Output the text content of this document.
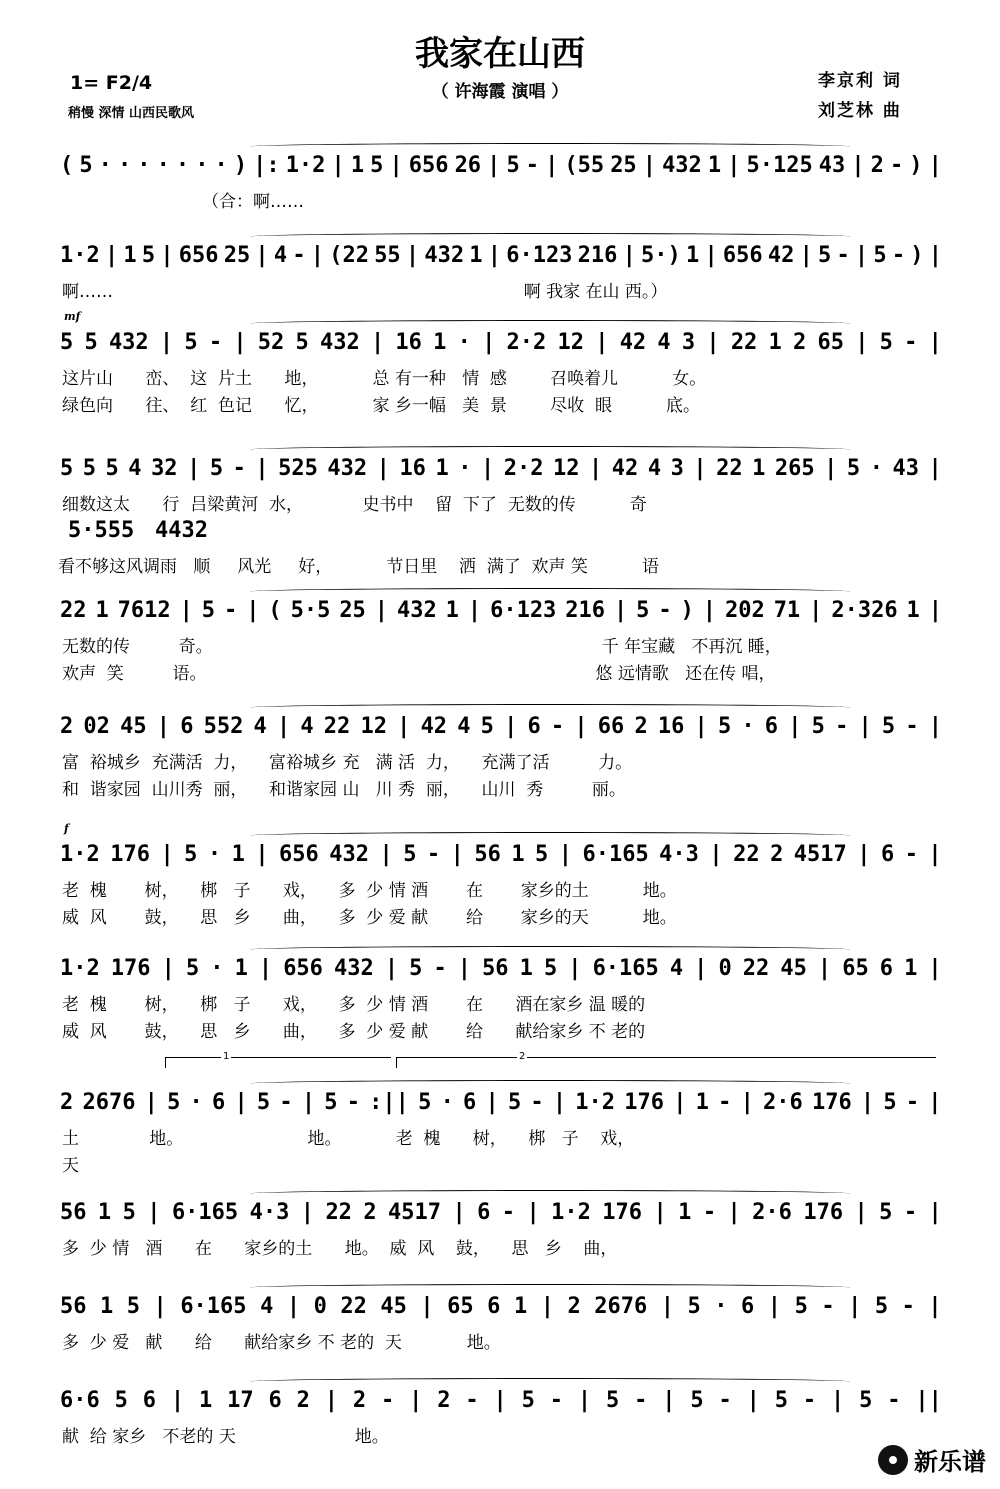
我家在山西
（ 许海霞 演唱 ）
1= F2/4
稍慢 深情 山西民歌风
李京利 词
刘芝林 曲
( 5 · · · · · · · ) |: 1·2 | 1 5 | 656 26 | 5 - | (55 25 | 432 1 | 5·125 43 | 2 - ) |
（合：啊……
1·2 | 1 5 | 656 25 | 4 - | (22 55 | 432 1 | 6·123 216 | 5·) 1 | 656 42 | 5 - | 5 - ) |
啊……                                                                            啊 我家 在山 西。）
5 5 432 | 5 - | 52 5 432 | 16 1 · | 2·2 12 | 42 4 3 | 22 1 2 65 | 5 - |
mf
这片山      峦、  这  片土      地，          总 有一种   情  感        召唤着儿          女。
绿色向      往、  红  色记      忆，          家 乡一幅   美  景        尽收  眼          底。
5 5 5 4 32 | 5 - | 525 432 | 16 1 · | 2·2 12 | 42 4 3 | 22 1 265 | 5 · 43 |
细数这太      行  吕梁黄河  水，           史书中    留  下了  无数的传          奇
5·555 4432
看不够这风调雨   顺     风光     好，          节日里    洒  满了  欢声 笑          语
22 1 7612 | 5 - | ( 5·5 25 | 432 1 | 6·123 216 | 5 - ) | 202 71 | 2·326 1 |
无数的传         奇。                                                                        千 年宝藏   不再沉 睡，
欢声  笑         语。                                                                        悠 远情歌   还在传 唱，
2 02 45 | 6 552 4 | 4 22 12 | 42 4 5 | 6 - | 66 2 16 | 5 · 6 | 5 - | 5 - |
富  裕城乡  充满活  力，    富裕城乡 充   满 活  力，    充满了活         力。
和  谐家园  山川秀  丽，    和谐家园 山   川 秀  丽，    山川  秀         丽。
1·2 176 | 5 · 1 | 656 432 | 5 - | 56 1 5 | 6·165 4·3 | 22 2 4517 | 6 - |
f
老  槐       树，    梆   子      戏，    多  少 情 酒       在       家乡的土          地。
威  风       鼓，    思   乡      曲，    多  少 爱 献       给       家乡的天          地。
1·2 176 | 5 · 1 | 656 432 | 5 - | 56 1 5 | 6·165 4 | 0 22 45 | 65 6 1 |
老  槐       树，    梆   子      戏，    多  少 情 酒       在      酒在家乡 温 暖的
威  风       鼓，    思   乡      曲，    多  少 爱 献       给      献给家乡 不 老的
2 2676 | 5 · 6 | 5 - | 5 - :|| 5 · 6 | 5 - | 1·2 176 | 1 - | 2·6 176 | 5 - |
土             地。                       地。          老  槐      树，    梆   子    戏，
天
56 1 5 | 6·165 4·3 | 22 2 4517 | 6 - | 1·2 176 | 1 - | 2·6 176 | 5 - |
多  少 情   酒      在      家乡的土      地。  威  风    鼓，    思   乡    曲，
56 1 5 | 6·165 4 | 0 22 45 | 65 6 1 | 2 2676 | 5 · 6 | 5 - | 5 - |
多  少 爱   献      给      献给家乡 不 老的  天            地。
6·6 5 6 | 1 17 6 2 | 2 - | 2 - | 5 - | 5 - | 5 - | 5 - | 5 - ||
献  给 家乡   不老的 天                      地。
1	2
新乐谱
